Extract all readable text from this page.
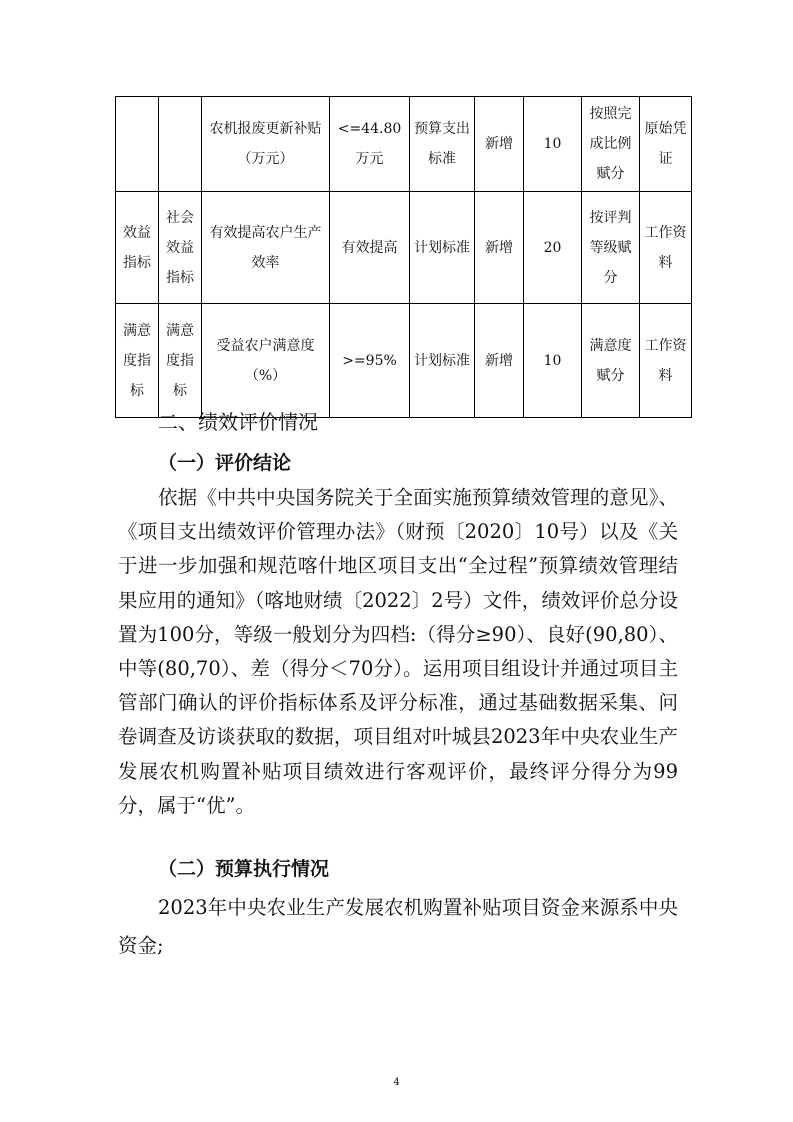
		农机报废更新补贴（万元）	<=44.80万元	预算支出标准	新增	10	按照完成比例赋分	原始凭证
效益指标	社会效益指标	有效提高农户生产效率	有效提高	计划标准	新增	20	按评判等级赋分	工作资料
满意度指标	满意度指标	受益农户满意度（%）	>=95%	计划标准	新增	10	满意度赋分	工作资料
二、绩效评价情况
（一）评价结论

依据《中共中央国务院关于全面实施预算绩效管理的意见》、《项目支出绩效评价管理办法》（财预〔2020〕10号）以及《关于进一步加强和规范喀什地区项目支出“全过程”预算绩效管理结果应用的通知》（喀地财绩〔2022〕2号）文件，绩效评价总分设置为100分，等级一般划分为四档:（得分≥90）、良好(90,80）、中等(80,70）、差（得分＜70分）。运用项目组设计并通过项目主管部门确认的评价指标体系及评分标准，通过基础数据采集、问卷调查及访谈获取的数据，项目组对叶城县2023年中央农业生产发展农机购置补贴项目绩效进行客观评价，最终评分得分为99分，属于“优”。

（二）预算执行情况

2023年中央农业生产发展农机购置补贴项目资金来源系中央资金;

4
